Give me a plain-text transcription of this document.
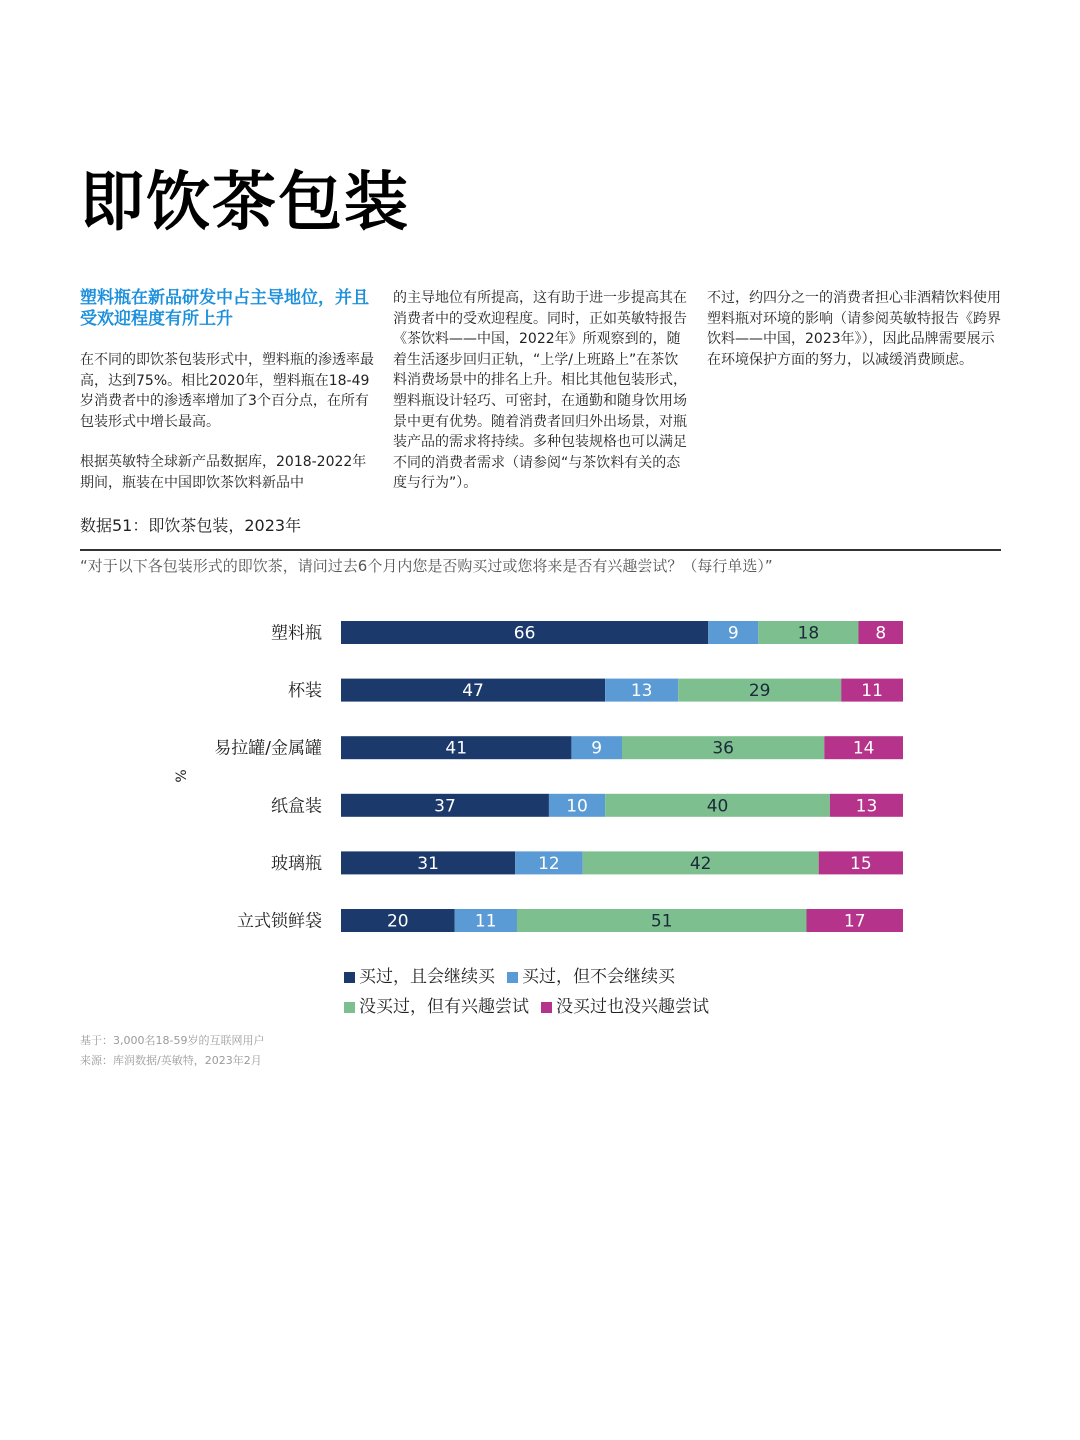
即饮茶包装

塑料瓶在新品研发中占主导地位，并且受欢迎程度有所上升

在不同的即饮茶包装形式中，塑料瓶的渗透率最高，达到75%。相比2020年，塑料瓶在18-49岁消费者中的渗透率增加了3个百分点，在所有包装形式中增长最高。

根据英敏特全球新产品数据库，2018-2022年期间，瓶装在中国即饮茶饮料新品中

的主导地位有所提高，这有助于进一步提高其在消费者中的受欢迎程度。同时，正如英敏特报告《茶饮料——中国，2022年》所观察到的，随着生活逐步回归正轨，“上学/上班路上”在茶饮料消费场景中的排名上升。相比其他包装形式，塑料瓶设计轻巧、可密封，在通勤和随身饮用场景中更有优势。随着消费者回归外出场景，对瓶装产品的需求将持续。多种包装规格也可以满足不同的消费者需求（请参阅“与茶饮料有关的态度与行为”）。

不过，约四分之一的消费者担心非酒精饮料使用塑料瓶对环境的影响（请参阅英敏特报告《跨界饮料——中国，2023年》），因此品牌需要展示在环境保护方面的努力，以减缓消费顾虑。

数据51：即饮茶包装，2023年

“对于以下各包装形式的即饮茶，请问过去6个月内您是否购买过或您将来是否有兴趣尝试？（每行单选）”

塑料瓶	66	9	18	8
杯装	47	13	29	11
易拉罐/金属罐	41	9	36	14
纸盒装	37	10	40	13
玻璃瓶	31	12	42	15
立式锁鲜袋	20	11	51	17
%
买过，且会继续买 买过，但不会继续买
没买过，但有兴趣尝试 没买过也没兴趣尝试

基于：3,000名18-59岁的互联网用户

来源：库润数据/英敏特，2023年2月
